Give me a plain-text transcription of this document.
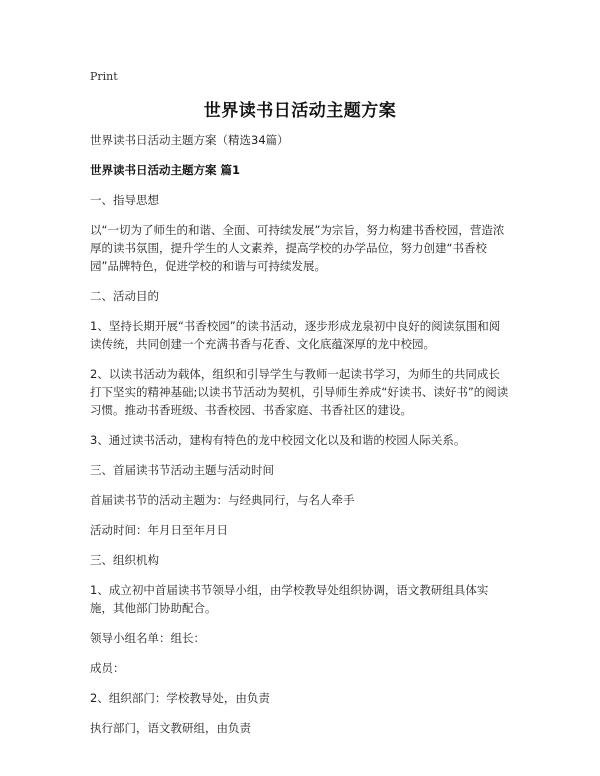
Print
世界读书日活动主题方案

世界读书日活动主题方案（精选34篇）

世界读书日活动主题方案 篇1

一、指导思想

以“一切为了师生的和谐、全面、可持续发展”为宗旨，努力构建书香校园，营造浓厚的读书氛围，提升学生的人文素养，提高学校的办学品位，努力创建“书香校园”品牌特色，促进学校的和谐与可持续发展。

二、活动目的

1、坚持长期开展“书香校园”的读书活动，逐步形成龙泉初中良好的阅读氛围和阅读传统，共同创建一个充满书香与花香、文化底蕴深厚的龙中校园。

2、以读书活动为载体，组织和引导学生与教师一起读书学习，为师生的共同成长打下坚实的精神基础;以读书节活动为契机，引导师生养成“好读书、读好书”的阅读习惯。推动书香班级、书香校园、书香家庭、书香社区的建设。

3、通过读书活动，建构有特色的龙中校园文化以及和谐的校园人际关系。

三、首届读书节活动主题与活动时间

首届读书节的活动主题为：与经典同行，与名人牵手

活动时间：年月日至年月日

三、组织机构

1、成立初中首届读书节领导小组，由学校教导处组织协调，语文教研组具体实施，其他部门协助配合。

领导小组名单：组长：

成员：

2、组织部门：学校教导处，由负责

执行部门，语文教研组，由负责
